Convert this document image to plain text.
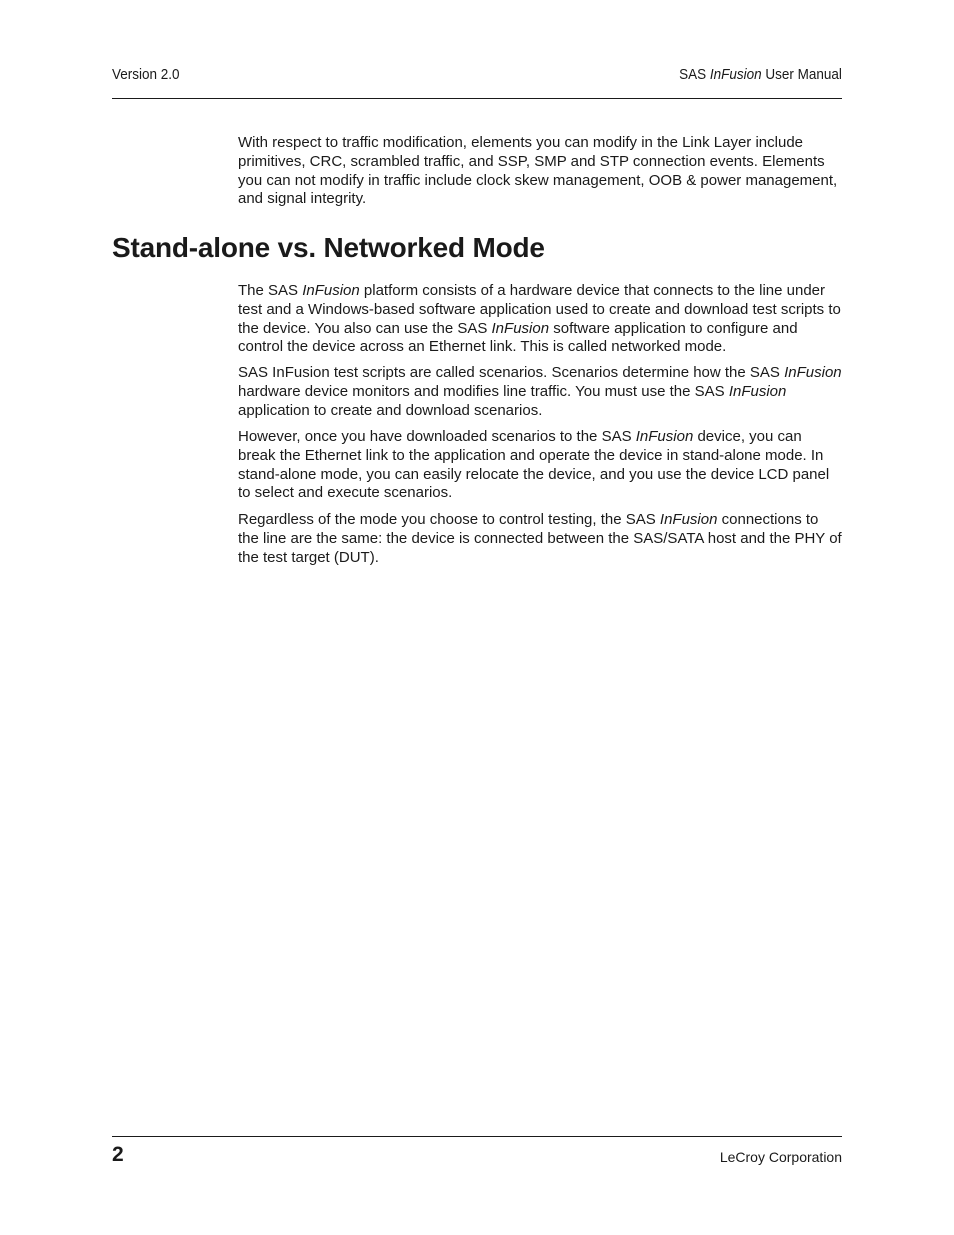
Version 2.0	SAS InFusion User Manual

With respect to traffic modification, elements you can modify in the Link Layer include primitives, CRC, scrambled traffic, and SSP, SMP and STP connection events. Elements you can not modify in traffic include clock skew management, OOB & power management, and signal integrity.

Stand-alone vs. Networked Mode

The SAS InFusion platform consists of a hardware device that connects to the line under test and a Windows-based software application used to create and download test scripts to the device. You also can use the SAS InFusion software application to configure and control the device across an Ethernet link. This is called networked mode.

SAS InFusion test scripts are called scenarios. Scenarios determine how the SAS InFusion hardware device monitors and modifies line traffic. You must use the SAS InFusion application to create and download scenarios.

However, once you have downloaded scenarios to the SAS InFusion device, you can break the Ethernet link to the application and operate the device in stand-alone mode. In stand-alone mode, you can easily relocate the device, and you use the device LCD panel to select and execute scenarios.

Regardless of the mode you choose to control testing, the SAS InFusion connections to the line are the same: the device is connected between the SAS/SATA host and the PHY of the test target (DUT).

2	LeCroy Corporation
